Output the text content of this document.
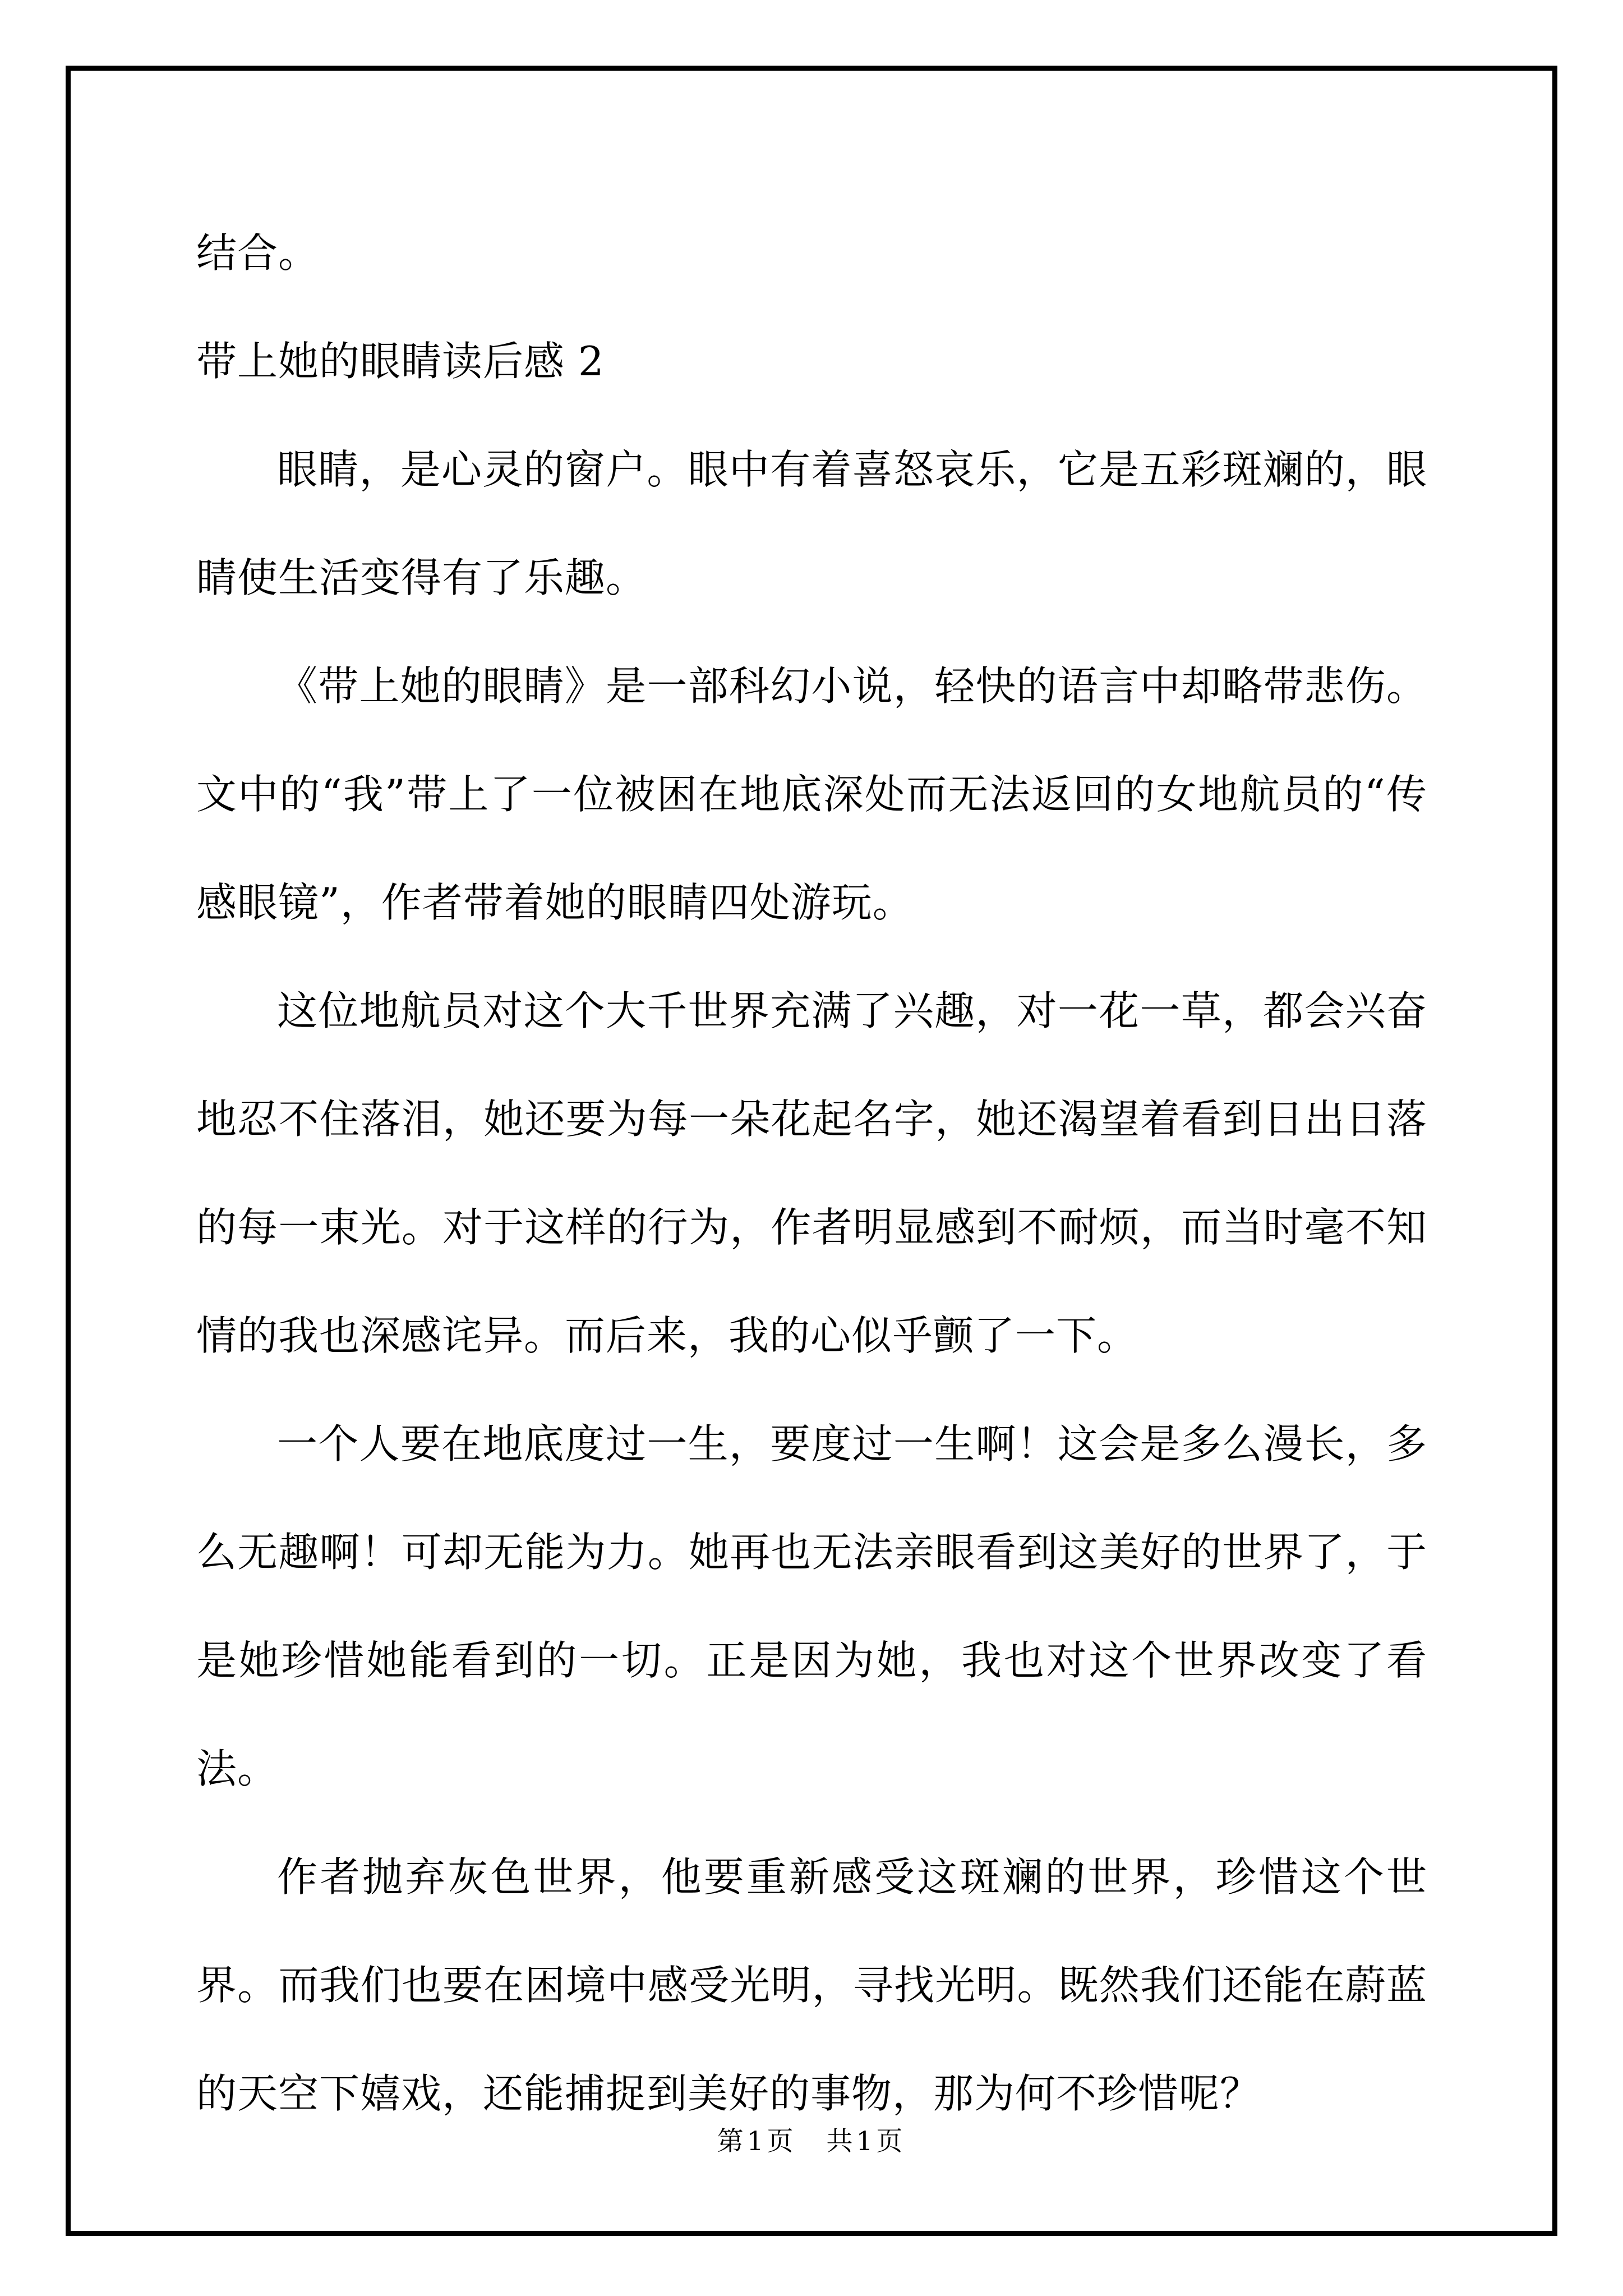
结合。

带上她的眼睛读后感 2

眼睛，是心灵的窗户。眼中有着喜怒哀乐，它是五彩斑斓的，眼睛使生活变得有了乐趣。

《带上她的眼睛》是一部科幻小说，轻快的语言中却略带悲伤。文中的“我”带上了一位被困在地底深处而无法返回的女地航员的“传感眼镜”，作者带着她的眼睛四处游玩。

这位地航员对这个大千世界充满了兴趣，对一花一草，都会兴奋地忍不住落泪，她还要为每一朵花起名字，她还渴望着看到日出日落的每一束光。对于这样的行为，作者明显感到不耐烦，而当时毫不知情的我也深感诧异。而后来，我的心似乎颤了一下。

一个人要在地底度过一生，要度过一生啊！这会是多么漫长，多么无趣啊！可却无能为力。她再也无法亲眼看到这美好的世界了，于是她珍惜她能看到的一切。正是因为她，我也对这个世界改变了看法。

作者抛弃灰色世界，他要重新感受这斑斓的世界，珍惜这个世界。而我们也要在困境中感受光明，寻找光明。既然我们还能在蔚蓝的天空下嬉戏，还能捕捉到美好的事物，那为何不珍惜呢？

第1页　共1页
